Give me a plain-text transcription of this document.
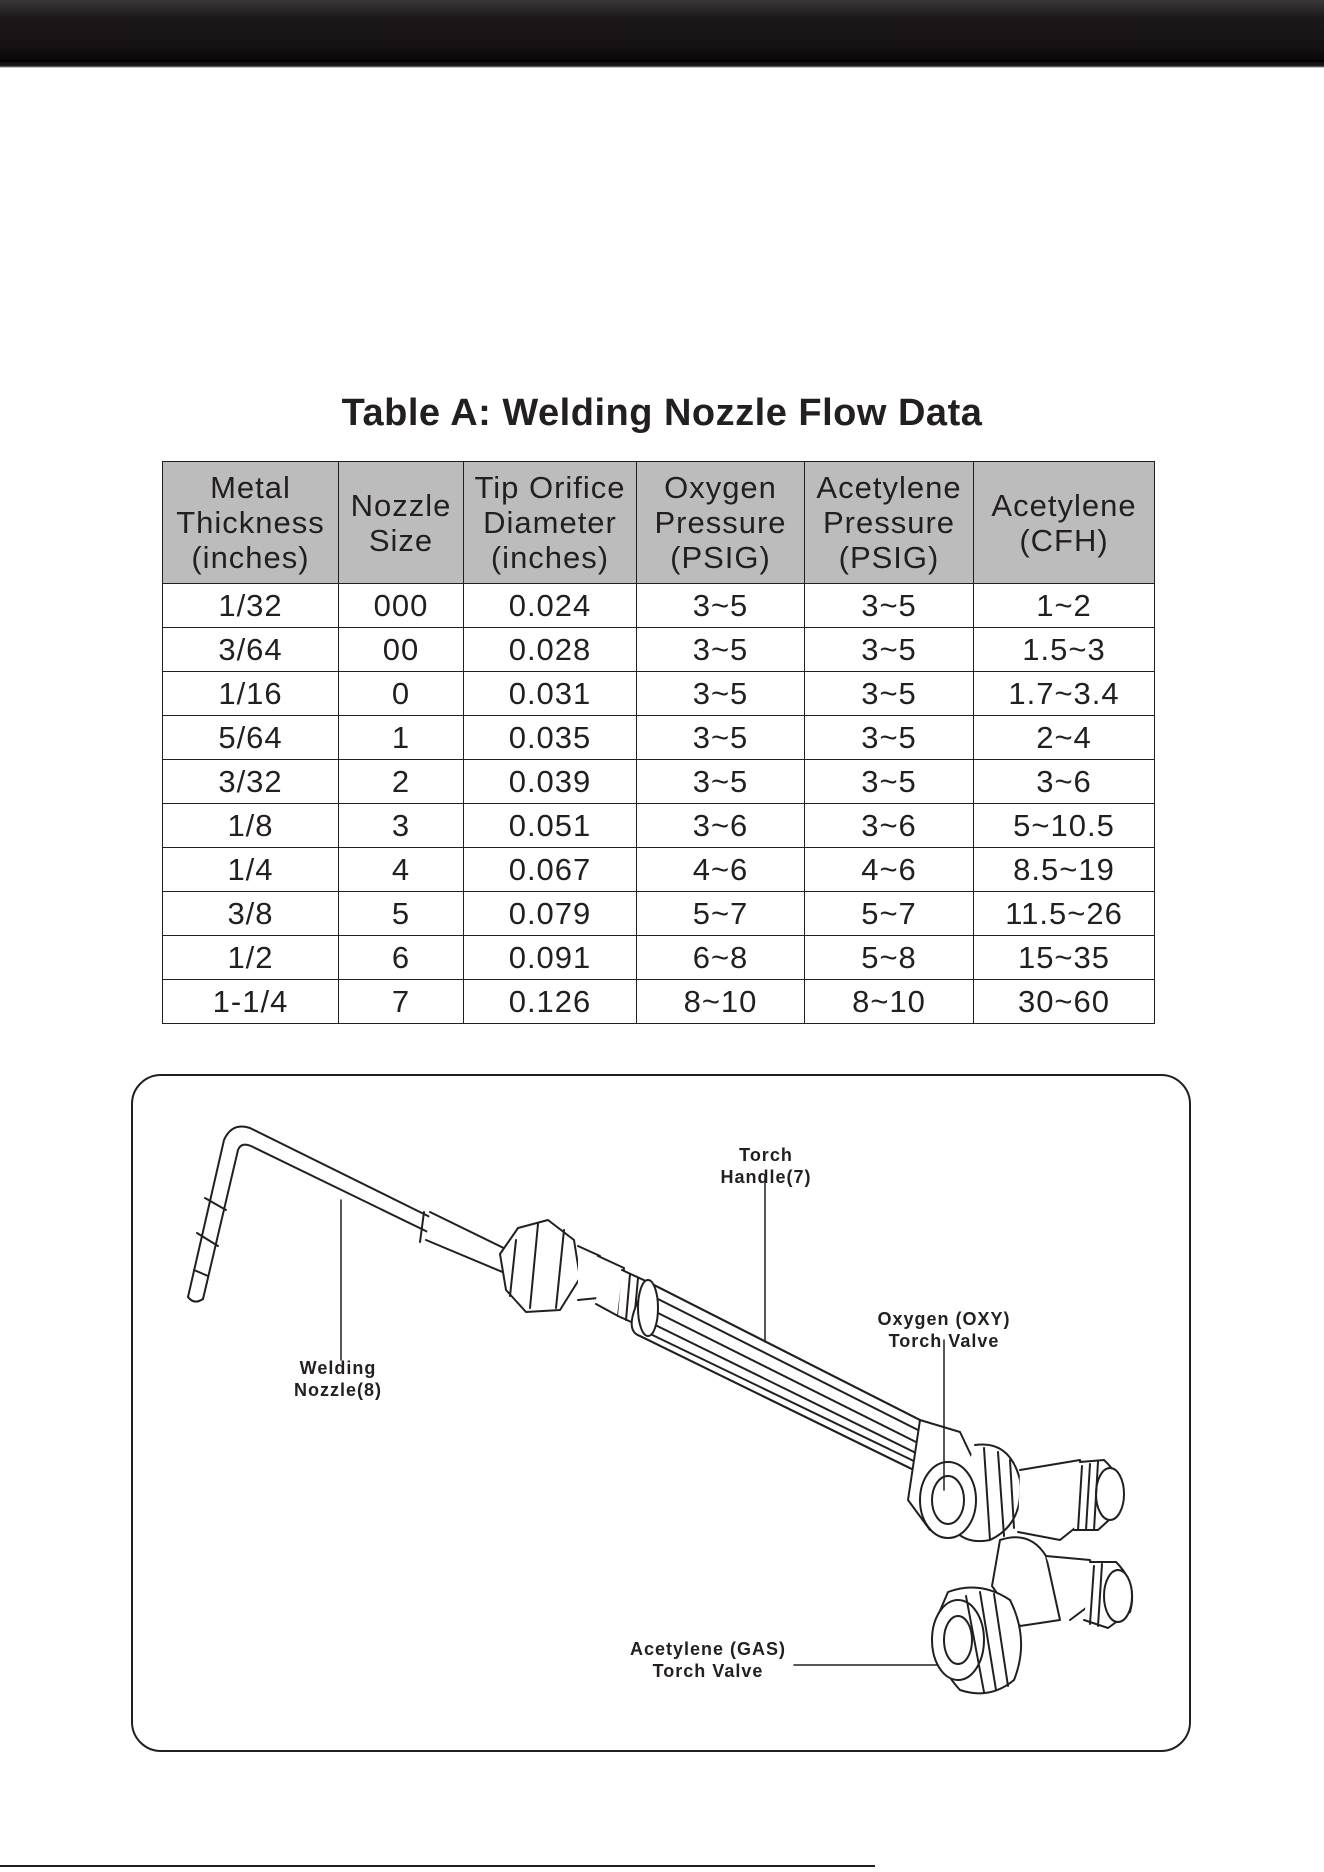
Table A: Welding Nozzle Flow Data
Metal
Thickness
(inches)	Nozzle
Size	Tip Orifice
Diameter
(inches)	Oxygen
Pressure
(PSIG)	Acetylene
Pressure
(PSIG)	Acetylene
(CFH)
1/32	000	0.024	3~5	3~5	1~2
3/64	00	0.028	3~5	3~5	1.5~3
1/16	0	0.031	3~5	3~5	1.7~3.4
5/64	1	0.035	3~5	3~5	2~4
3/32	2	0.039	3~5	3~5	3~6
1/8	3	0.051	3~6	3~6	5~10.5
1/4	4	0.067	4~6	4~6	8.5~19
3/8	5	0.079	5~7	5~7	11.5~26
1/2	6	0.091	6~8	5~8	15~35
1-1/4	7	0.126	8~10	8~10	30~60
Torch
Handle(7)
Welding
Nozzle(8)
Oxygen (OXY)
Torch Valve
Acetylene (GAS)
Torch Valve
